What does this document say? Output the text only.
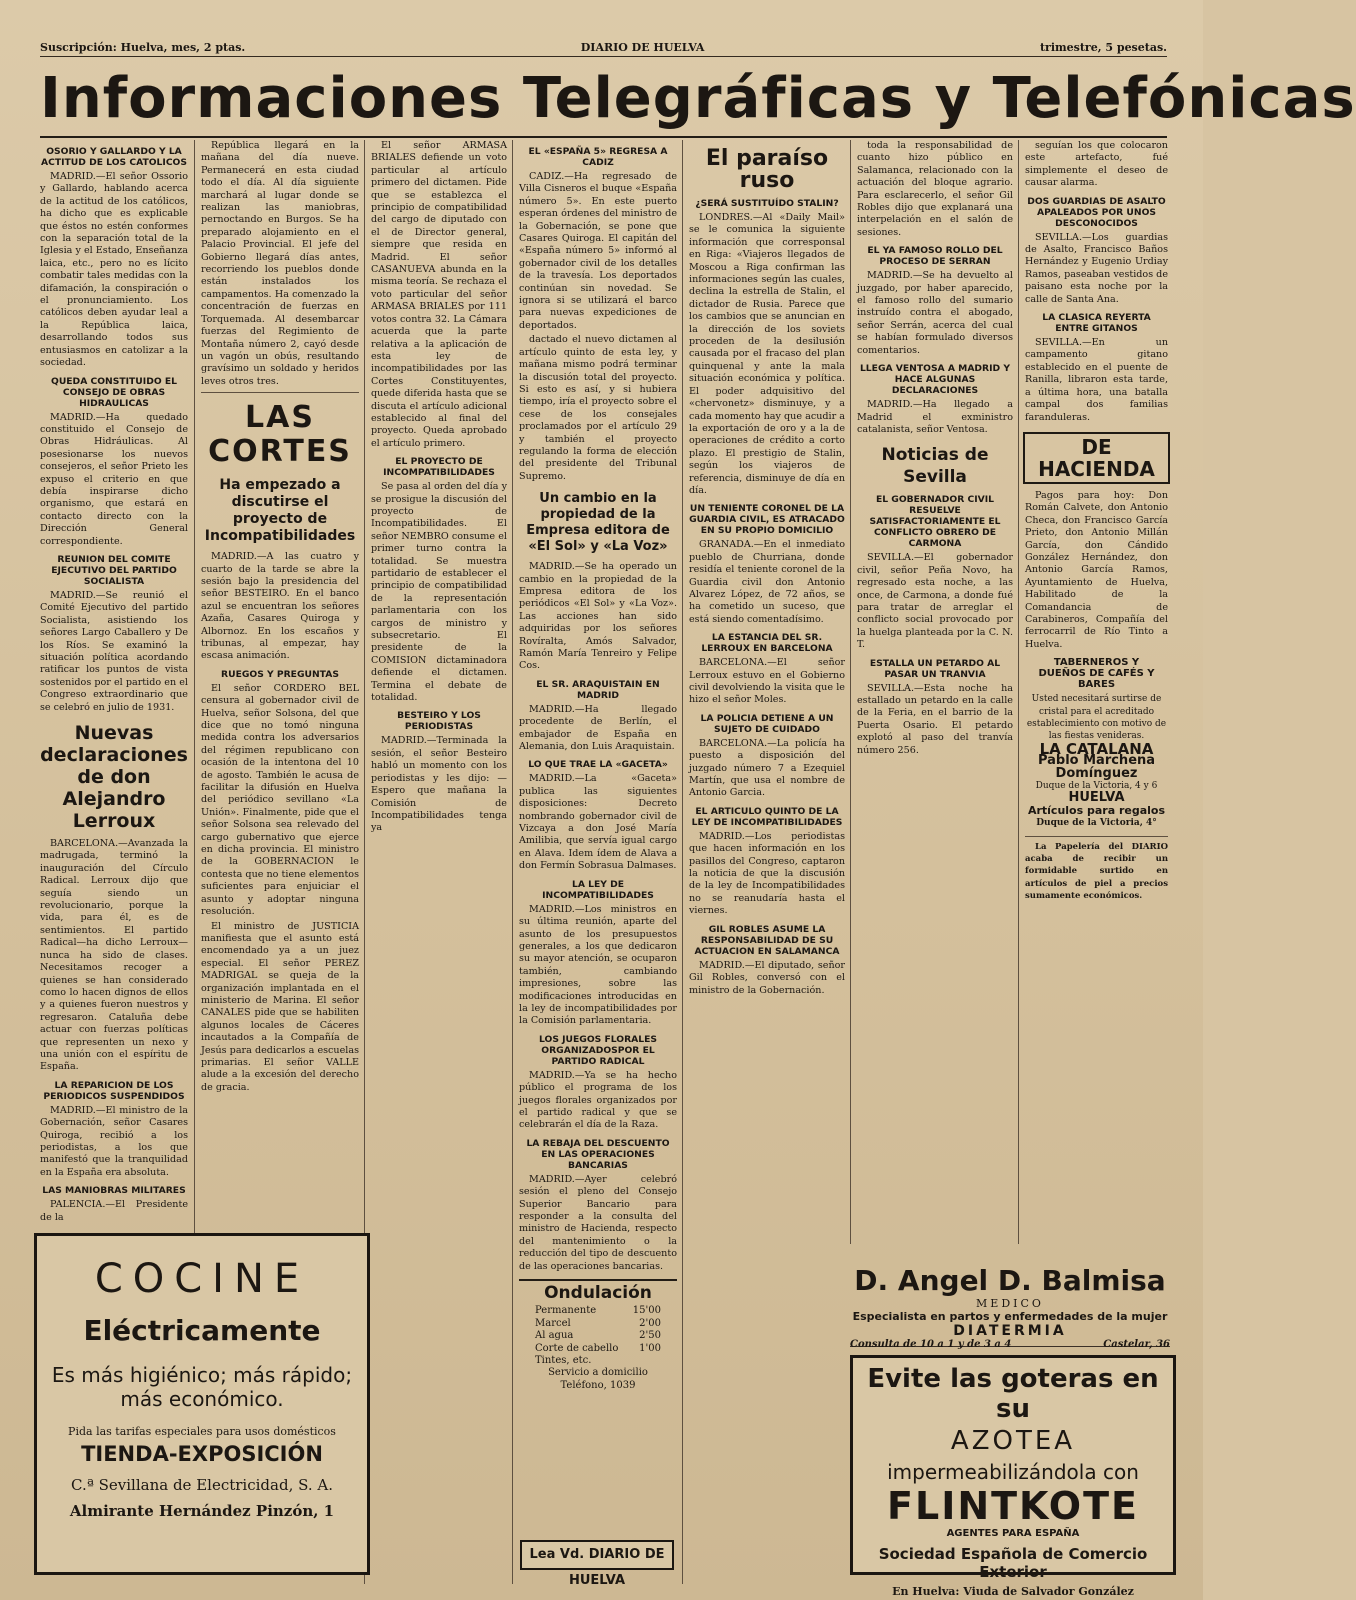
Suscripción: Huelva, mes, 2 ptas.	DIARIO DE HUELVA	trimestre, 5 pesetas.
Informaciones Telegráficas y Telefónicas
OSORIO Y GALLARDO Y LA ACTITUD DE LOS CATOLICOS

MADRID.—El señor Ossorio y Gallardo, hablando acerca de la actitud de los católicos, ha dicho que es explicable que éstos no estén conformes con la separación total de la Iglesia y el Estado, Enseñanza laica, etc., pero no es lícito combatir tales medidas con la difamación, la conspiración o el pronunciamiento. Los católicos deben ayudar leal a la República laica, desarrollando todos sus entusiasmos en catolizar a la sociedad.

QUEDA CONSTITUIDO EL CONSEJO DE OBRAS HIDRAULICAS

MADRID.—Ha quedado constituido el Consejo de Obras Hidráulicas. Al posesionarse los nuevos consejeros, el señor Prieto les expuso el criterio en que debía inspirarse dicho organismo, que estará en contacto directo con la Dirección General correspondiente.

REUNION DEL COMITE EJECUTIVO DEL PARTIDO SOCIALISTA

MADRID.—Se reunió el Comité Ejecutivo del partido Socialista, asistiendo los señores Largo Caballero y De los Ríos. Se examinó la situación política acordando ratificar los puntos de vista sostenidos por el partido en el Congreso extraordinario que se celebró en julio de 1931.

Nuevas declaraciones de don Alejandro Lerroux

BARCELONA.—Avanzada la madrugada, terminó la inauguración del Círculo Radical. Lerroux dijo que seguía siendo un revolucionario, porque la vida, para él, es de sentimientos. El partido Radical—ha dicho Lerroux—nunca ha sido de clases. Necesitamos recoger a quienes se han considerado como lo hacen dignos de ellos y a quienes fueron nuestros y regresaron. Cataluña debe actuar con fuerzas políticas que representen un nexo y una unión con el espíritu de España.

LA REPARICION DE LOS PERIODICOS SUSPENDIDOS

MADRID.—El ministro de la Gobernación, señor Casares Quiroga, recibió a los periodistas, a los que manifestó que la tranquilidad en la España era absoluta.

LAS MANIOBRAS MILITARES

PALENCIA.—El Presidente de la

República llegará en la mañana del día nueve. Permanecerá en esta ciudad todo el día. Al día siguiente marchará al lugar donde se realizan las maniobras, pernoctando en Burgos. Se ha preparado alojamiento en el Palacio Provincial. El jefe del Gobierno llegará días antes, recorriendo los pueblos donde están instalados los campamentos. Ha comenzado la concentración de fuerzas en Torquemada. Al desembarcar fuerzas del Regimiento de Montaña número 2, cayó desde un vagón un obús, resultando gravísimo un soldado y heridos leves otros tres.

LAS CORTES
Ha empezado a discutirse el proyecto de Incompatibilidades

MADRID.—A las cuatro y cuarto de la tarde se abre la sesión bajo la presidencia del señor BESTEIRO. En el banco azul se encuentran los señores Azaña, Casares Quiroga y Albornoz. En los escaños y tribunas, al empezar, hay escasa animación.

RUEGOS Y PREGUNTAS

El señor CORDERO BEL censura al gobernador civil de Huelva, señor Solsona, del que dice que no tomó ninguna medida contra los adversarios del régimen republicano con ocasión de la intentona del 10 de agosto. También le acusa de facilitar la difusión en Huelva del periódico sevillano «La Unión». Finalmente, pide que el señor Solsona sea relevado del cargo gubernativo que ejerce en dicha provincia. El ministro de la GOBERNACION le contesta que no tiene elementos suficientes para enjuiciar el asunto y adoptar ninguna resolución.

El ministro de JUSTICIA manifiesta que el asunto está encomendado ya a un juez especial. El señor PEREZ MADRIGAL se queja de la organización implantada en el ministerio de Marina. El señor CANALES pide que se habiliten algunos locales de Cáceres incautados a la Compañía de Jesús para dedicarlos a escuelas primarias. El señor VALLE alude a la excesión del derecho de gracia.

El señor ARMASA BRIALES defiende un voto particular al artículo primero del dictamen. Pide que se establezca el principio de compatibilidad del cargo de diputado con el de Director general, siempre que resida en Madrid. El señor CASANUEVA abunda en la misma teoría. Se rechaza el voto particular del señor ARMASA BRIALES por 111 votos contra 32. La Cámara acuerda que la parte relativa a la aplicación de esta ley de incompatibilidades por las Cortes Constituyentes, quede diferida hasta que se discuta el artículo adicional establecido al final del proyecto. Queda aprobado el artículo primero.

EL PROYECTO DE INCOMPATIBILIDADES

Se pasa al orden del día y se prosigue la discusión del proyecto de Incompatibilidades. El señor NEMBRO consume el primer turno contra la totalidad. Se muestra partidario de establecer el principio de compatibilidad de la representación parlamentaria con los cargos de ministro y subsecretario. El presidente de la COMISION dictaminadora defiende el dictamen. Termina el debate de totalidad.

BESTEIRO Y LOS PERIODISTAS

MADRID.—Terminada la sesión, el señor Besteiro habló un momento con los periodistas y les dijo: —Espero que mañana la Comisión de Incompatibilidades tenga ya

EL «ESPAÑA 5» REGRESA A CADIZ

CADIZ.—Ha regresado de Villa Cisneros el buque «España número 5». En este puerto esperan órdenes del ministro de la Gobernación, se pone que Casares Quiroga. El capitán del «España número 5» informó al gobernador civil de los detalles de la travesía. Los deportados continúan sin novedad. Se ignora si se utilizará el barco para nuevas expediciones de deportados.

dactado el nuevo dictamen al artículo quinto de esta ley, y mañana mismo podrá terminar la discusión total del proyecto. Si esto es así, y si hubiera tiempo, iría el proyecto sobre el cese de los consejales proclamados por el artículo 29 y también el proyecto regulando la forma de elección del presidente del Tribunal Supremo.

Un cambio en la propiedad de la Empresa editora de «El Sol» y «La Voz»

MADRID.—Se ha operado un cambio en la propiedad de la Empresa editora de los periódicos «El Sol» y «La Voz». Las acciones han sido adquiridas por los señores Rovíralta, Amós Salvador, Ramón María Tenreiro y Felipe Cos.

EL SR. ARAQUISTAIN EN MADRID

MADRID.—Ha llegado procedente de Berlín, el embajador de España en Alemania, don Luis Araquistain.

LO QUE TRAE LA «GACETA»

MADRID.—La «Gaceta» publica las siguientes disposiciones: Decreto nombrando gobernador civil de Vizcaya a don José María Amilibia, que servía igual cargo en Alava. Idem ídem de Alava a don Fermín Sobrasua Dalmases.

LA LEY DE INCOMPATIBILIDADES

MADRID.—Los ministros en su última reunión, aparte del asunto de los presupuestos generales, a los que dedicaron su mayor atención, se ocuparon también, cambiando impresiones, sobre las modificaciones introducidas en la ley de incompatibilidades por la Comisión parlamentaria.

LOS JUEGOS FLORALES ORGANIZADOSPOR EL PARTIDO RADICAL

MADRID.—Ya se ha hecho público el programa de los juegos florales organizados por el partido radical y que se celebrarán el día de la Raza.

LA REBAJA DEL DESCUENTO EN LAS OPERACIONES BANCARIAS

MADRID.—Ayer celebró sesión el pleno del Consejo Superior Bancario para responder a la consulta del ministro de Hacienda, respecto del mantenimiento o la reducción del tipo de descuento de las operaciones bancarias.

Ondulación
Permanente	15'00
Marcel	2'00
Al agua	2'50
Corte de cabello 1'00
Tintes, etc.
Servicio a domicilio
Teléfono, 1039
El paraíso ruso
¿SERÁ SUSTITUÍDO STALIN?

LONDRES.—Al «Daily Mail» se le comunica la siguiente información que corresponsal en Riga: «Viajeros llegados de Moscou a Riga confirman las informaciones según las cuales, declina la estrella de Stalin, el dictador de Rusia. Parece que los cambios que se anuncian en la dirección de los soviets proceden de la desilusión causada por el fracaso del plan quinquenal y ante la mala situación económica y política. El poder adquisitivo del «chervonetz» disminuye, y a cada momento hay que acudir a la exportación de oro y a la de operaciones de crédito a corto plazo. El prestigio de Stalin, según los viajeros de referencia, disminuye de día en día.

UN TENIENTE CORONEL DE LA GUARDIA CIVIL, ES ATRACADO EN SU PROPIO DOMICILIO

GRANADA.—En el inmediato pueblo de Churriana, donde residía el teniente coronel de la Guardia civil don Antonio Alvarez López, de 72 años, se ha cometido un suceso, que está siendo comentadísimo.

LA ESTANCIA DEL SR. LERROUX EN BARCELONA

BARCELONA.—El señor Lerroux estuvo en el Gobierno civil devolviendo la visita que le hizo el señor Moles.

LA POLICIA DETIENE A UN SUJETO DE CUIDADO

BARCELONA.—La policía ha puesto a disposición del juzgado número 7 a Ezequiel Martín, que usa el nombre de Antonio Garcia.

EL ARTICULO QUINTO DE LA LEY DE INCOMPATIBILIDADES

MADRID.—Los periodistas que hacen información en los pasillos del Congreso, captaron la noticia de que la discusión de la ley de Incompatibilidades no se reanudaría hasta el viernes.

GIL ROBLES ASUME LA RESPONSABILIDAD DE SU ACTUACION EN SALAMANCA

MADRID.—El diputado, señor Gil Robles, conversó con el ministro de la Gobernación.

toda la responsabilidad de cuanto hizo público en Salamanca, relacionado con la actuación del bloque agrario. Para esclarecerlo, el señor Gil Robles dijo que explanará una interpelación en el salón de sesiones.

EL YA FAMOSO ROLLO DEL PROCESO DE SERRAN

MADRID.—Se ha devuelto al juzgado, por haber aparecido, el famoso rollo del sumario instruído contra el abogado, señor Serrán, acerca del cual se habían formulado diversos comentarios.

LLEGA VENTOSA A MADRID Y HACE ALGUNAS DECLARACIONES

MADRID.—Ha llegado a Madrid el exministro catalanista, señor Ventosa.

Noticias de Sevilla
EL GOBERNADOR CIVIL RESUELVE SATISFACTORIAMENTE EL CONFLICTO OBRERO DE CARMONA

SEVILLA.—El gobernador civil, señor Peña Novo, ha regresado esta noche, a las once, de Carmona, a donde fué para tratar de arreglar el conflicto social provocado por la huelga planteada por la C. N. T.

ESTALLA UN PETARDO AL PASAR UN TRANVIA

SEVILLA.—Esta noche ha estallado un petardo en la calle de la Feria, en el barrio de la Puerta Osario. El petardo explotó al paso del tranvía número 256.

seguían los que colocaron este artefacto, fué simplemente el deseo de causar alarma.

DOS GUARDIAS DE ASALTO APALEADOS POR UNOS DESCONOCIDOS

SEVILLA.—Los guardias de Asalto, Francisco Baños Hernández y Eugenio Urdiay Ramos, paseaban vestidos de paisano esta noche por la calle de Santa Ana.

LA CLASICA REYERTA ENTRE GITANOS

SEVILLA.—En un campamento gitano establecido en el puente de Ranilla, libraron esta tarde, a última hora, una batalla campal dos familias faranduleras.

DE HACIENDA

Pagos para hoy: Don Román Calvete, don Antonio Checa, don Francisco García Prieto, don Antonio Millán García, don Cándido González Hernández, don Antonio García Ramos, Ayuntamiento de Huelva, Habilitado de la Comandancia de Carabineros, Compañía del ferrocarril de Río Tinto a Huelva.

TABERNEROS Y DUEÑOS DE CAFÉS Y BARES
Usted necesitará surtirse de cristal para el acreditado establecimiento con motivo de las fiestas venideras.
LA CATALANA
Pablo Marchena Domínguez
Duque de la Victoria, 4 y 6
HUELVA
Artículos para regalos
Duque de la Victoria, 4°

La Papelería del DIARIO acaba de recibir un formidable surtido en artículos de piel a precios sumamente económicos.

Lea Vd. DIARIO DE HUELVA
COCINE
Eléctricamente
Es más higiénico; más rápido;
más económico.
Pida las tarifas especiales para usos domésticos
TIENDA-EXPOSICIÓN
C.ª Sevillana de Electricidad, S. A.
Almirante Hernández Pinzón, 1
D. Angel D. Balmisa
MEDICO
Especialista en partos y enfermedades de la mujer
DIATERMIA
Consulta de 10 a 1 y de 3 a 4	Castelar, 36
Evite las goteras en su
AZOTEA
impermeabilizándola con
FLINTKOTE
AGENTES PARA ESPAÑA
Sociedad Española de Comercio Exterior
En Huelva: Viuda de Salvador González
